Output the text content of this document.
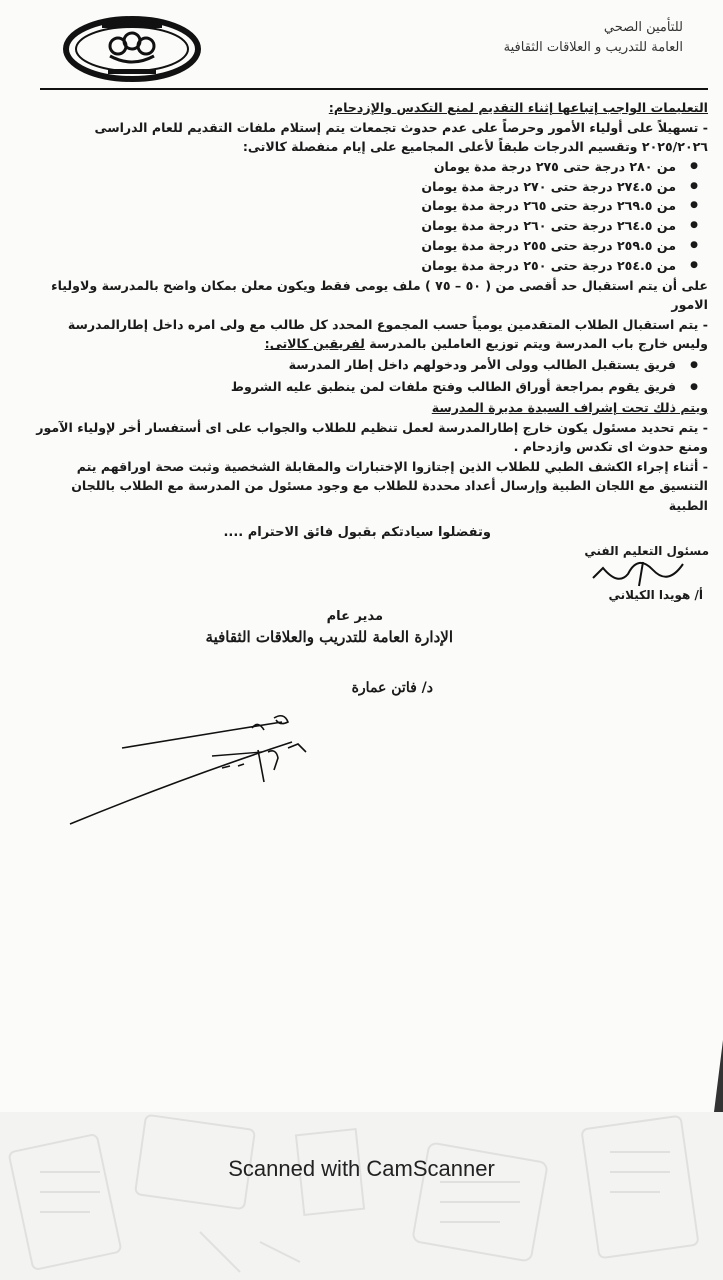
للتأمين الصحي
العامة للتدريب و العلاقات الثقافية

التعليمات الواجب إتباعها إثناء التقديم لمنع التكدس والإزدحام:

- تسهيلاً على أولياء الأمور وحرصاً على عدم حدوث تجمعات يتم إستلام ملفات التقديم للعام الدراسى ٢٠٢٥/٢٠٢٦ وتقسيم الدرجات طبقاً لأعلى المجاميع على إيام منفصلة كالاتى:

● من ٢٨٠ درجة حتى ٢٧٥ درجة مدة يومان
● من ٢٧٤.٥ درجة حتى ٢٧٠ درجة مدة يومان
● من ٢٦٩.٥ درجة حتى ٢٦٥ درجة مدة يومان
● من ٢٦٤.٥ درجة حتى ٢٦٠ درجة مدة يومان
● من ٢٥٩.٥ درجة حتى ٢٥٥ درجة مدة يومان
● من ٢٥٤.٥ درجة حتى ٢٥٠ درجة مدة يومان

على أن يتم استقبال حد أقصى من ( ٥٠ – ٧٥ ) ملف يومى فقط ويكون معلن بمكان واضح بالمدرسة ولاولياء الامور

- يتم استقبال الطلاب المتقدمين يومياً حسب المجموع المحدد كل طالب مع ولى امره داخل إطارالمدرسة وليس خارج باب المدرسة ويتم توزيع العاملين بالمدرسة لفريقين كالاتى:

● فريق يستقبل الطالب وولى الأمر ودخولهم داخل إطار المدرسة
● فريق يقوم بمراجعة أوراق الطالب وفتح ملفات لمن ينطبق عليه الشروط

ويتم ذلك تحت إشراف السيدة مديرة المدرسة

- يتم تحديد مسئول يكون خارج إطارالمدرسة لعمل تنظيم للطلاب والجواب على اى أستفسار أخر لإولياء الآمور ومنع حدوث اى تكدس وازدحام .

- أثناء إجراء الكشف الطبي للطلاب الذين إجتازوا الإختبارات والمقابلة الشخصية وثبت صحة اوراقهم يتم التنسيق مع اللجان الطبية وإرسال أعداد محددة للطلاب مع وجود مسئول من المدرسة مع الطلاب باللجان الطبية

وتفضلوا سيادتكم بقبول فائق الاحترام ....
مسئول التعليم الفني
أ/ هويدا الكيلاني
مدير عام
الإدارة العامة للتدريب والعلاقات الثقافية
د/ فاتن عمارة
Scanned with CamScanner
